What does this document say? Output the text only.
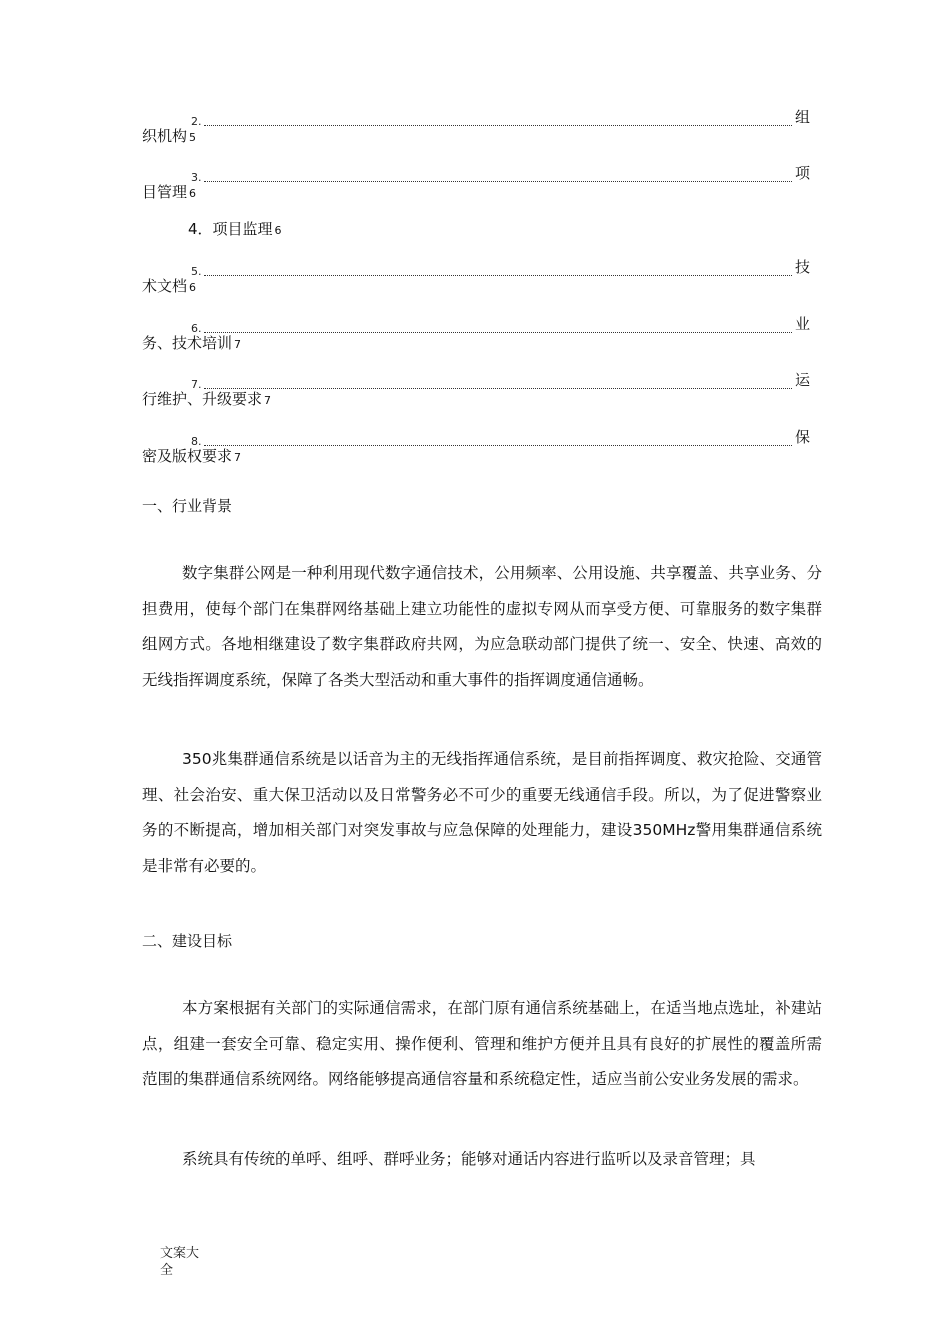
2.	组
织机构 5
3.	项
目管理 6
4．项目监理 6
5.	技
术文档 6
6.	业
务、技术培训 7
7.	运
行维护、升级要求 7
8.	保
密及版权要求 7
一、行业背景
数字集群公网是一种利用现代数字通信技术，公用频率、公用设施、共享覆盖、共享业务、分担费用，使每个部门在集群网络基础上建立功能性的虚拟专网从而享受方便、可靠服务的数字集群组网方式。各地相继建设了数字集群政府共网，为应急联动部门提供了统一、安全、快速、高效的无线指挥调度系统，保障了各类大型活动和重大事件的指挥调度通信通畅。
350兆集群通信系统是以话音为主的无线指挥通信系统，是目前指挥调度、救灾抢险、交通管理、社会治安、重大保卫活动以及日常警务必不可少的重要无线通信手段。所以，为了促进警察业务的不断提高，增加相关部门对突发事故与应急保障的处理能力，建设350MHz警用集群通信系统是非常有必要的。
二、建设目标
本方案根据有关部门的实际通信需求，在部门原有通信系统基础上，在适当地点选址，补建站点，组建一套安全可靠、稳定实用、操作便利、管理和维护方便并且具有良好的扩展性的覆盖所需范围的集群通信系统网络。网络能够提高通信容量和系统稳定性，适应当前公安业务发展的需求。
系统具有传统的单呼、组呼、群呼业务；能够对通话内容进行监听以及录音管理；具
文案大全
